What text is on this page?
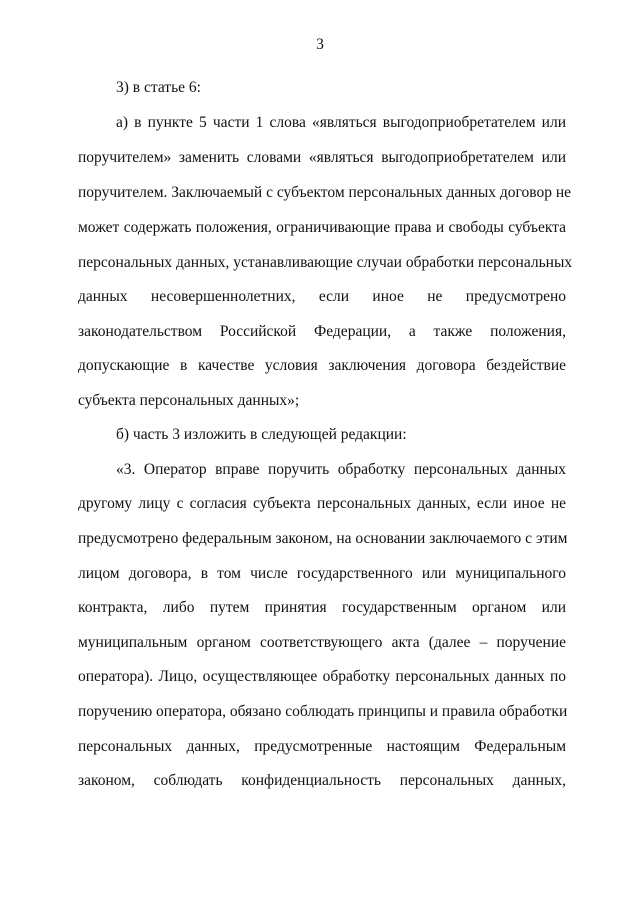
3
3) в статье 6:
а) в пункте 5 части 1 слова «являться выгодоприобретателем или
поручителем» заменить словами «являться выгодоприобретателем или
поручителем. Заключаемый с субъектом персональных данных договор не
может содержать положения, ограничивающие права и свободы субъекта
персональных данных, устанавливающие случаи обработки персональных
данных несовершеннолетних, если иное не предусмотрено
законодательством Российской Федерации, а также положения,
допускающие в качестве условия заключения договора бездействие
субъекта персональных данных»;
б) часть 3 изложить в следующей редакции:
«3. Оператор вправе поручить обработку персональных данных
другому лицу с согласия субъекта персональных данных, если иное не
предусмотрено федеральным законом, на основании заключаемого с этим
лицом договора, в том числе государственного или муниципального
контракта, либо путем принятия государственным органом или
муниципальным органом соответствующего акта (далее – поручение
оператора). Лицо, осуществляющее обработку персональных данных по
поручению оператора, обязано соблюдать принципы и правила обработки
персональных данных, предусмотренные настоящим Федеральным
законом, соблюдать конфиденциальность персональных данных,
